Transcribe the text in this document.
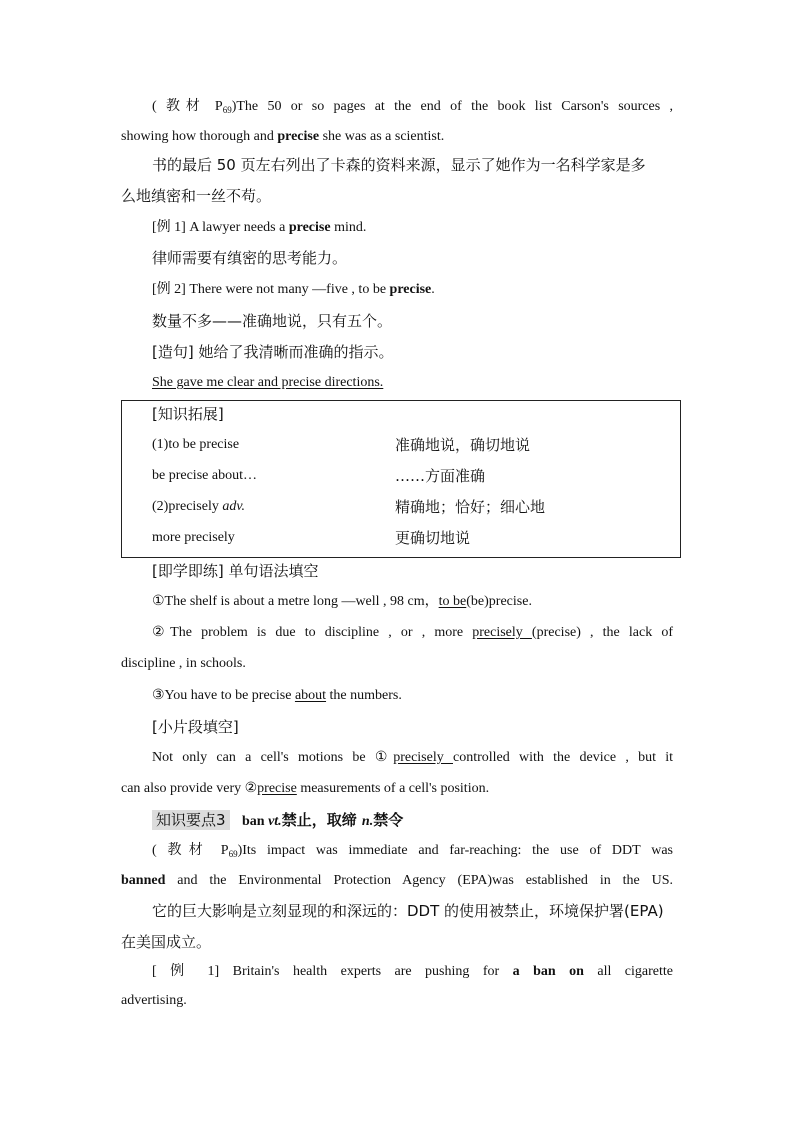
( 教材 $P_{69})The$ 50 or so pages at the end of the book list Carson's sources ,
showing how thorough and precise she was as a scientist.
书的最后 50 页左右列出了卡森的资料来源，显示了她作为一名科学家是多
么地缜密和一丝不苟。
[例 1] A lawyer needs a precise mind.
律师需要有缜密的思考能力。
[例 2] There were not many —five , to be precise.
数量不多——准确地说，只有五个。
[造句] 她给了我清晰而准确的指示。
She gave me clear and precise directions.
[知识拓展]
(1)to be precise	准确地说，确切地说
be precise about…	……方面准确
(2)precisely adv.	精确地；恰好；细心地
more precisely	更确切地说
[即学即练] 单句语法填空
①The shelf is about a metre long —well , 98 cm，to be(be)precise.
②The problem is due to discipline , or , more precisely (precise) , the lack of
discipline , in schools.
③You have to be precise about the numbers.
[小片段填空]
Not only can a cell's motions be ①precisely controlled with the device , but it
can also provide very ②precise measurements of a cell's position.
知识要点3 ban vt.禁止，取缔 n.禁令
( 教材 $P_{69})Its$ impact was immediate and far-reaching: the use of DDT was
banned and the Environmental Protection Agency (EPA)was established in the US.
它的巨大影响是立刻显现的和深远的：DDT 的使用被禁止，环境保护署(EPA)
在美国成立。
[ 例 1] Britain's health experts are pushing for a ban on all cigarette
advertising.
